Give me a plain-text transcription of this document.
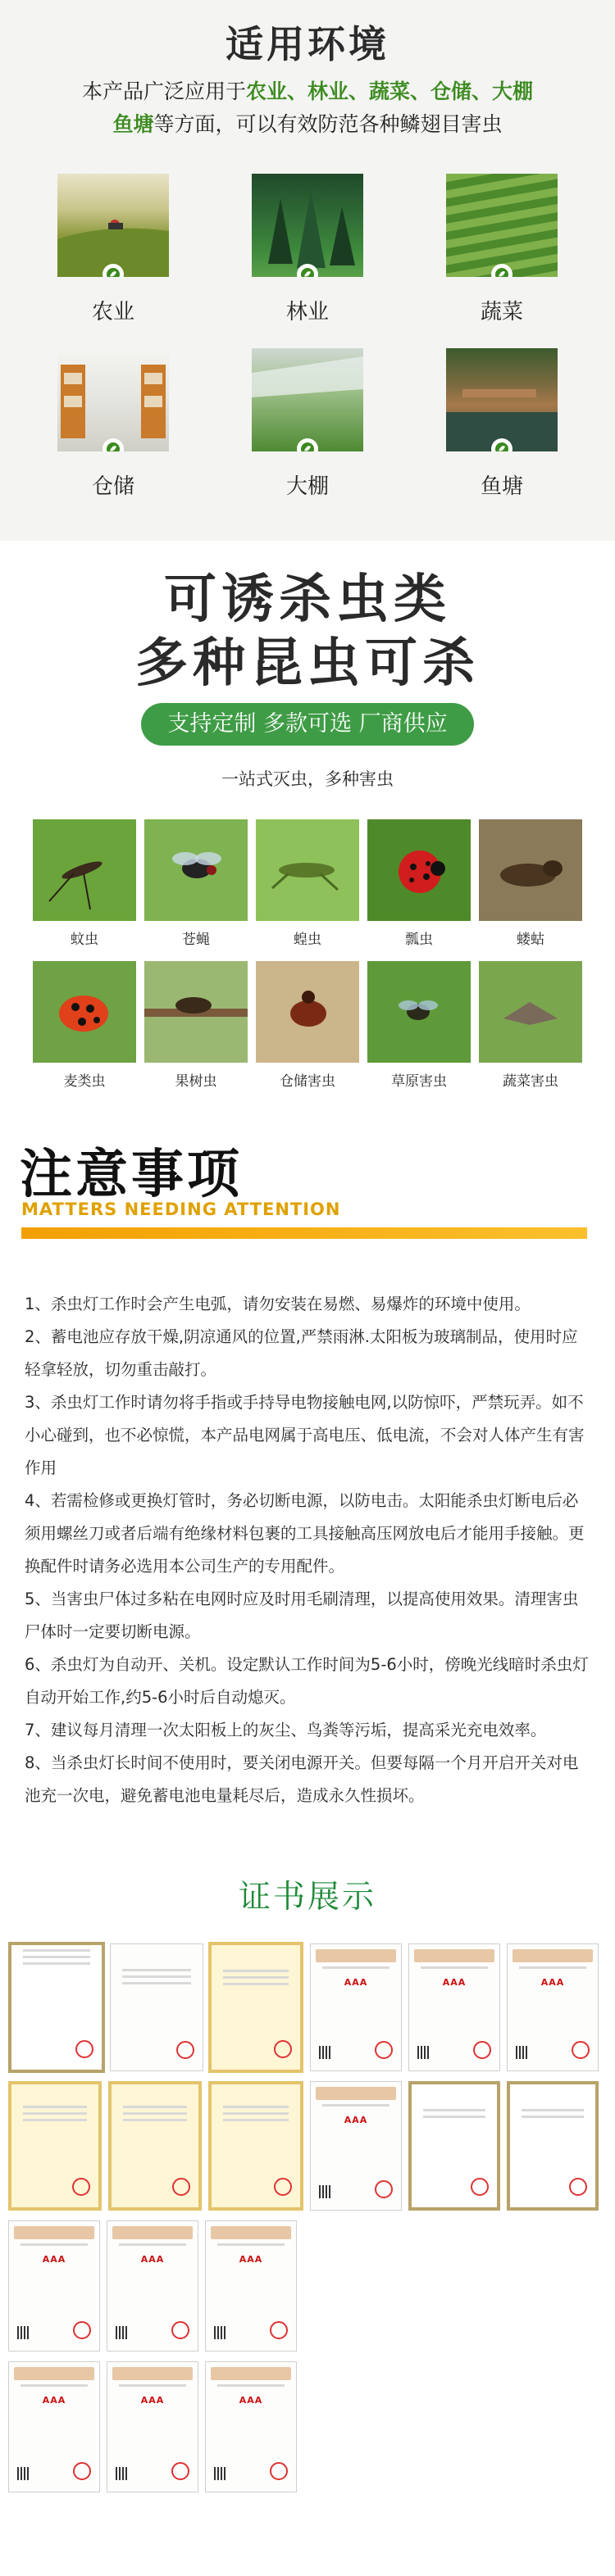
适用环境
本产品广泛应用于农业、林业、蔬菜、仓储、大棚
鱼塘等方面，可以有效防范各种鳞翅目害虫
农业	林业	蔬菜
仓储	大棚	鱼塘
可诱杀虫类
多种昆虫可杀
支持定制 多款可选 厂商供应
一站式灭虫，多种害虫
蚊虫	苍蝇	蝗虫	瓢虫	蝼蛄
麦类虫	果树虫	仓储害虫	草原害虫	蔬菜害虫
注意事项
MATTERS NEEDING ATTENTION

1、杀虫灯工作时会产生电弧，请勿安装在易燃、易爆炸的环境中使用。

2、蓄电池应存放干燥,阴凉通风的位置,严禁雨淋.太阳板为玻璃制品，使用时应轻拿轻放，切勿重击敲打。

3、杀虫灯工作时请勿将手指或手持导电物接触电网,以防惊吓，严禁玩弄。如不小心碰到，也不必惊慌，本产品电网属于高电压、低电流，不会对人体产生有害作用

4、若需检修或更换灯管时，务必切断电源，以防电击。太阳能杀虫灯断电后必须用螺丝刀或者后端有绝缘材料包裹的工具接触高压网放电后才能用手接触。更换配件时请务必选用本公司生产的专用配件。

5、当害虫尸体过多粘在电网时应及时用毛刷清理，以提高使用效果。清理害虫尸体时一定要切断电源。

6、杀虫灯为自动开、关机。设定默认工作时间为5-6小时，傍晚光线暗时杀虫灯自动开始工作,约5-6小时后自动熄灭。

7、建议每月清理一次太阳板上的灰尘、鸟粪等污垢，提高采光充电效率。

8、当杀虫灯长时间不使用时，要关闭电源开关。但要每隔一个月开启开关对电池充一次电，避免蓄电池电量耗尽后，造成永久性损坏。

证书展示
AAA	AAA	AAA
AAA
AAA	AAA	AAA
AAA	AAA	AAA
